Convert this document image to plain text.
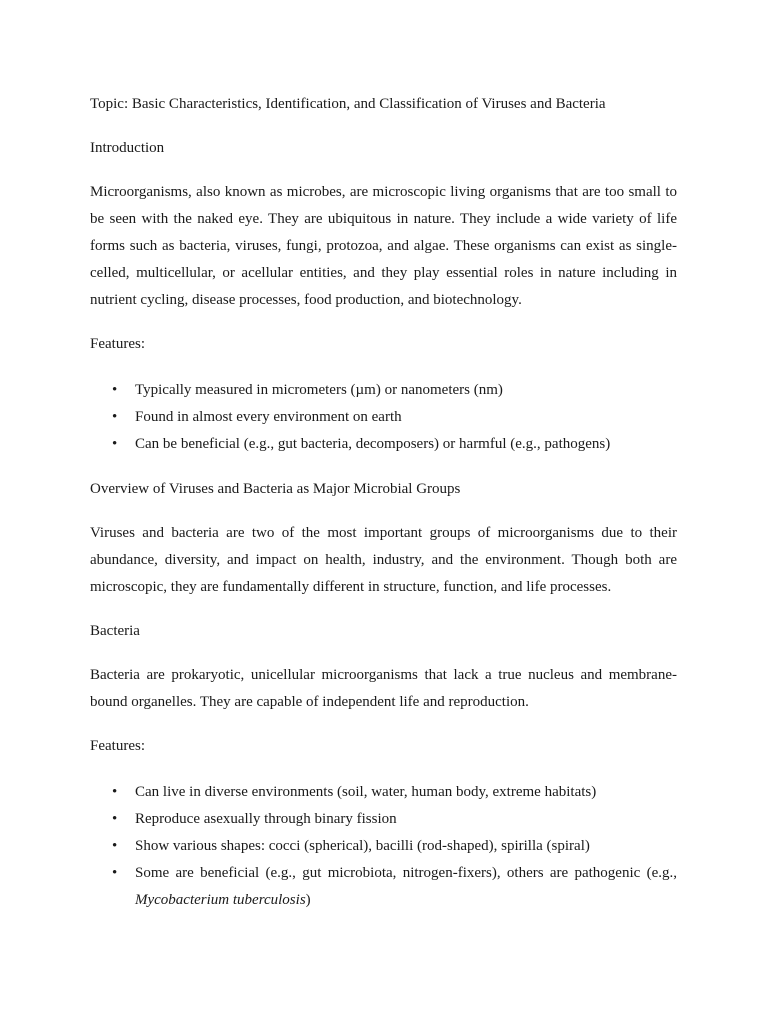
Topic: Basic Characteristics, Identification, and Classification of Viruses and Bacteria

Introduction

Microorganisms, also known as microbes, are microscopic living organisms that are too small to be seen with the naked eye. They are ubiquitous in nature. They include a wide variety of life forms such as bacteria, viruses, fungi, protozoa, and algae. These organisms can exist as single-celled, multicellular, or acellular entities, and they play essential roles in nature including in nutrient cycling, disease processes, food production, and biotechnology.

Features:

• Typically measured in micrometers (µm) or nanometers (nm)
• Found in almost every environment on earth
• Can be beneficial (e.g., gut bacteria, decomposers) or harmful (e.g., pathogens)

Overview of Viruses and Bacteria as Major Microbial Groups

Viruses and bacteria are two of the most important groups of microorganisms due to their abundance, diversity, and impact on health, industry, and the environment. Though both are microscopic, they are fundamentally different in structure, function, and life processes.

Bacteria

Bacteria are prokaryotic, unicellular microorganisms that lack a true nucleus and membrane-bound organelles. They are capable of independent life and reproduction.

Features:

• Can live in diverse environments (soil, water, human body, extreme habitats)
• Reproduce asexually through binary fission
• Show various shapes: cocci (spherical), bacilli (rod-shaped), spirilla (spiral)
• Some are beneficial (e.g., gut microbiota, nitrogen-fixers), others are pathogenic (e.g., Mycobacterium tuberculosis)
